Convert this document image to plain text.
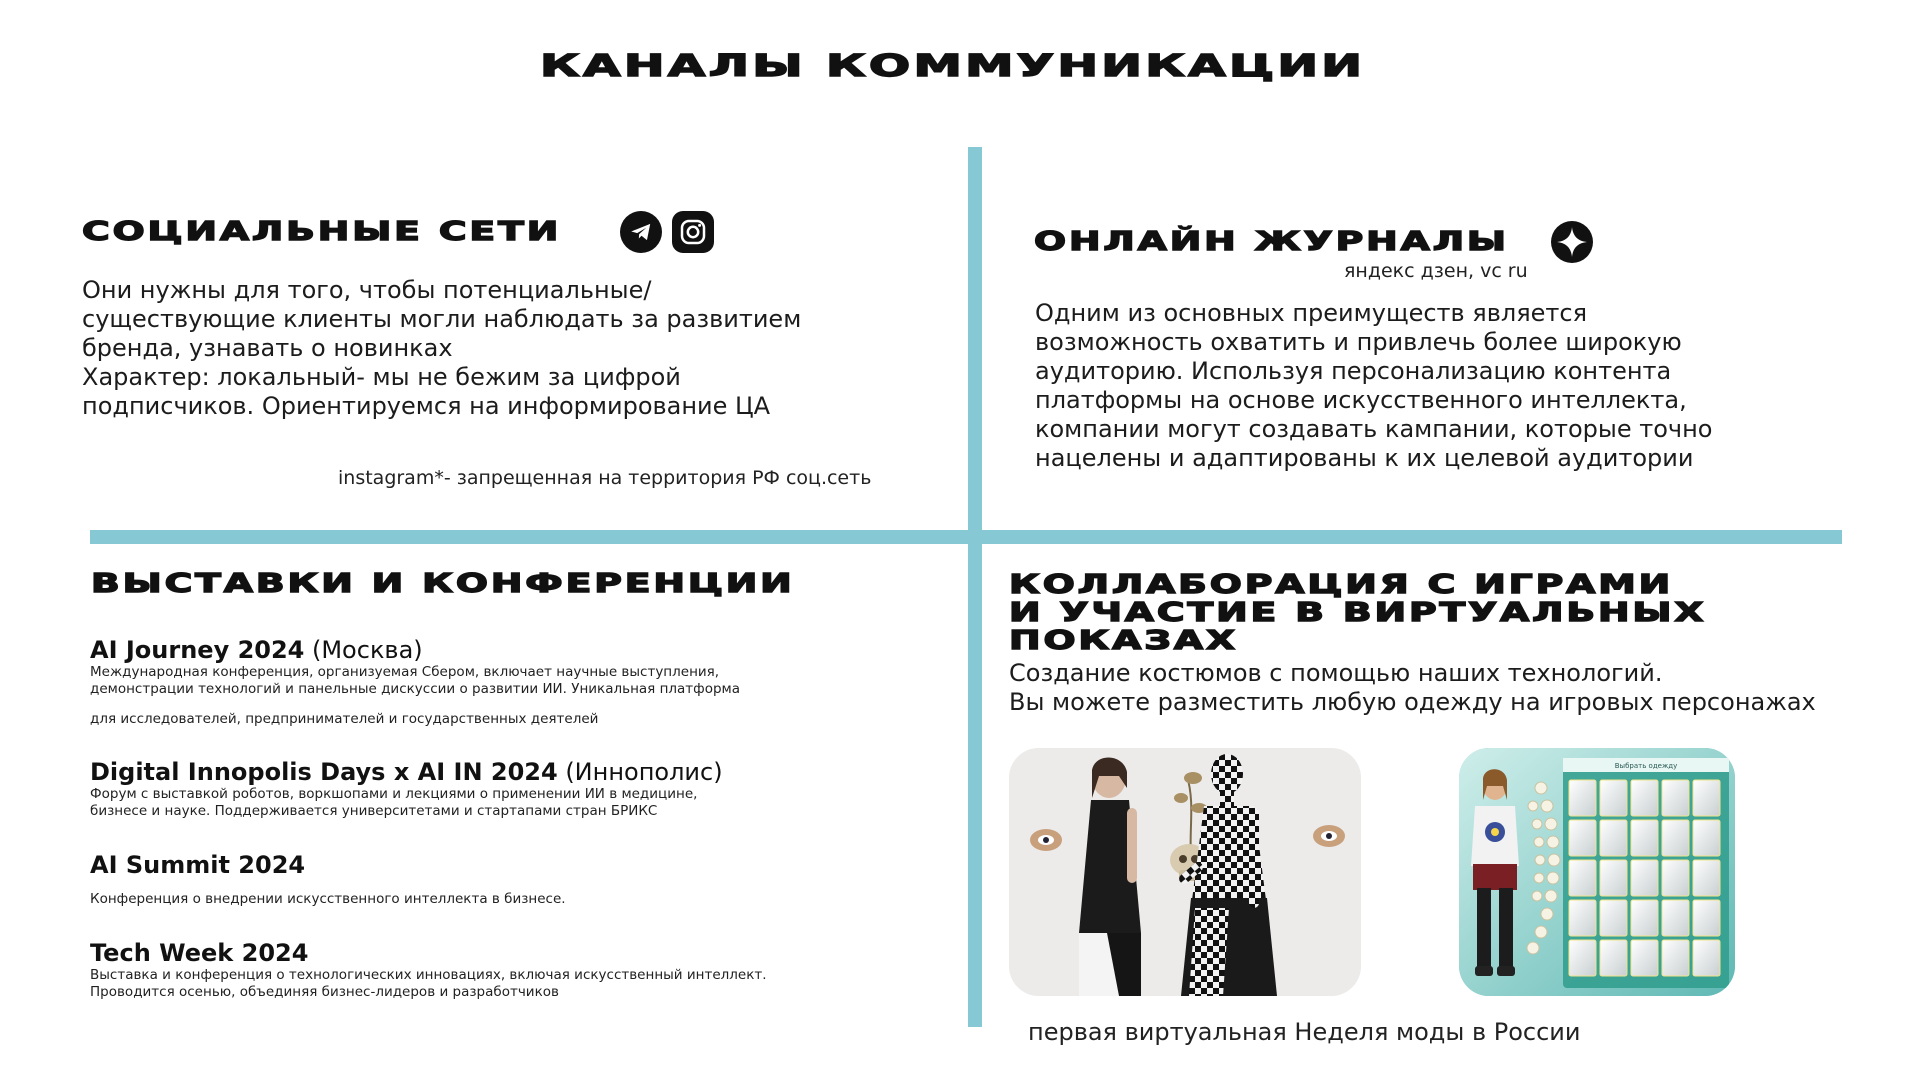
КАНАЛЫ КОММУНИКАЦИИ
СОЦИАЛЬНЫЕ СЕТИ

Они нужны для того, чтобы потенциальные/

существующие клиенты могли наблюдать за развитием

бренда, узнавать о новинках

Характер: локальный- мы не бежим за цифрой

подписчиков. Ориентируемся на информирование ЦА

instagram*- запрещенная на территория РФ соц.сеть
ОНЛАЙН ЖУРНАЛЫ
яндекс дзен, vc ru

Одним из основных преимуществ является

возможность охватить и привлечь более широкую

аудиторию. Используя персонализацию контента

платформы на основе искусственного интеллекта,

компании могут создавать кампании, которые точно

нацелены и адаптированы к их целевой аудитории

ВЫСТАВКИ И КОНФЕРЕНЦИИ
AI Journey 2024 (Москва)

Международная конференция, организуемая Сбером, включает научные выступления,

демонстрации технологий и панельные дискуссии о развитии ИИ. Уникальная платформа

для исследователей, предпринимателей и государственных деятелей

Digital Innopolis Days x AI IN 2024 (Иннополис)

Форум с выставкой роботов, воркшопами и лекциями о применении ИИ в медицине,

бизнесе и науке. Поддерживается университетами и стартапами стран БРИКС

AI Summit 2024

Конференция о внедрении искусственного интеллекта в бизнесе.

Tech Week 2024

Выставка и конференция о технологических инновациях, включая искусственный интеллект.

Проводится осенью, объединяя бизнес-лидеров и разработчиков

КОЛЛАБОРАЦИЯ С ИГРАМИ
И УЧАСТИЕ В ВИРТУАЛЬНЫХ
ПОКАЗАХ

Создание костюмов с помощью наших технологий.

Вы можете разместить любую одежду на игровых персонажах

Выбрать одежду
первая виртуальная Неделя моды в России
